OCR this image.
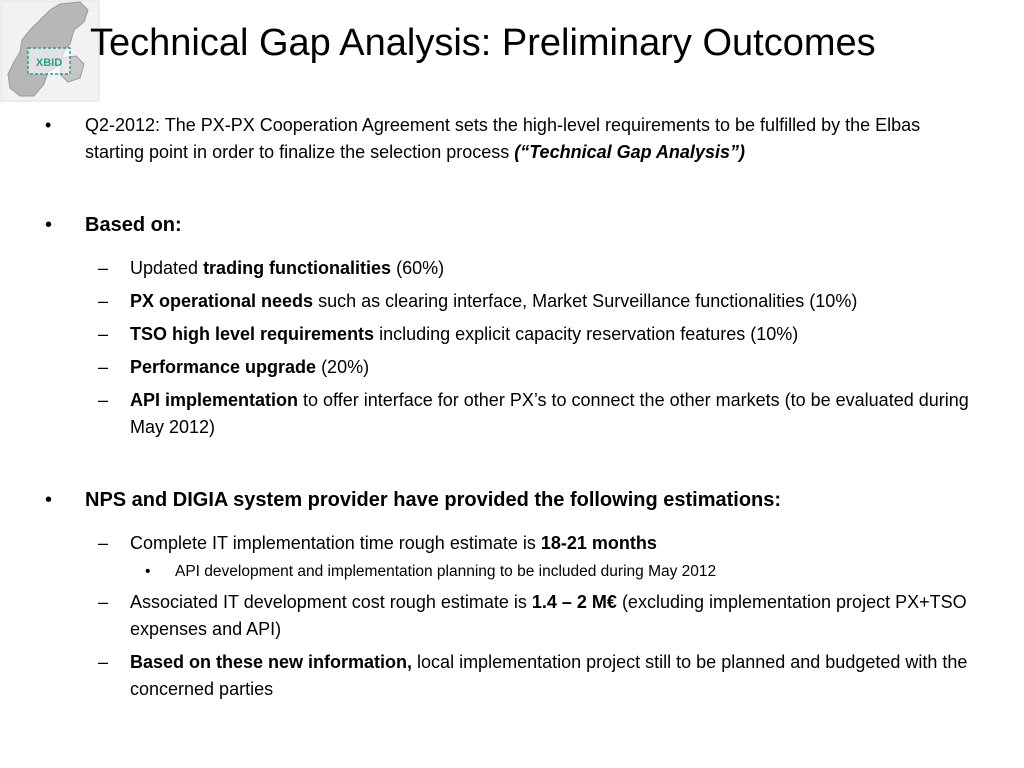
XBID Technical Gap Analysis: Preliminary Outcomes
• Q2-2012: The PX-PX Cooperation Agreement sets the high-level requirements to be fulfilled by the Elbas starting point in order to finalize the selection process (“Technical Gap Analysis”)
• Based on:
– Updated trading functionalities (60%)
– PX operational needs such as clearing interface, Market Surveillance functionalities (10%)
– TSO high level requirements including explicit capacity reservation features (10%)
– Performance upgrade (20%)
– API implementation to offer interface for other PX’s to connect the other markets (to be evaluated during May 2012)
• NPS and DIGIA system provider have provided the following estimations:
– Complete IT implementation time rough estimate is 18-21 months
• API development and implementation planning to be included during May 2012
– Associated IT development cost rough estimate is 1.4 – 2 M€ (excluding implementation project PX+TSO expenses and API)
– Based on these new information, local implementation project still to be planned and budgeted with the concerned parties
